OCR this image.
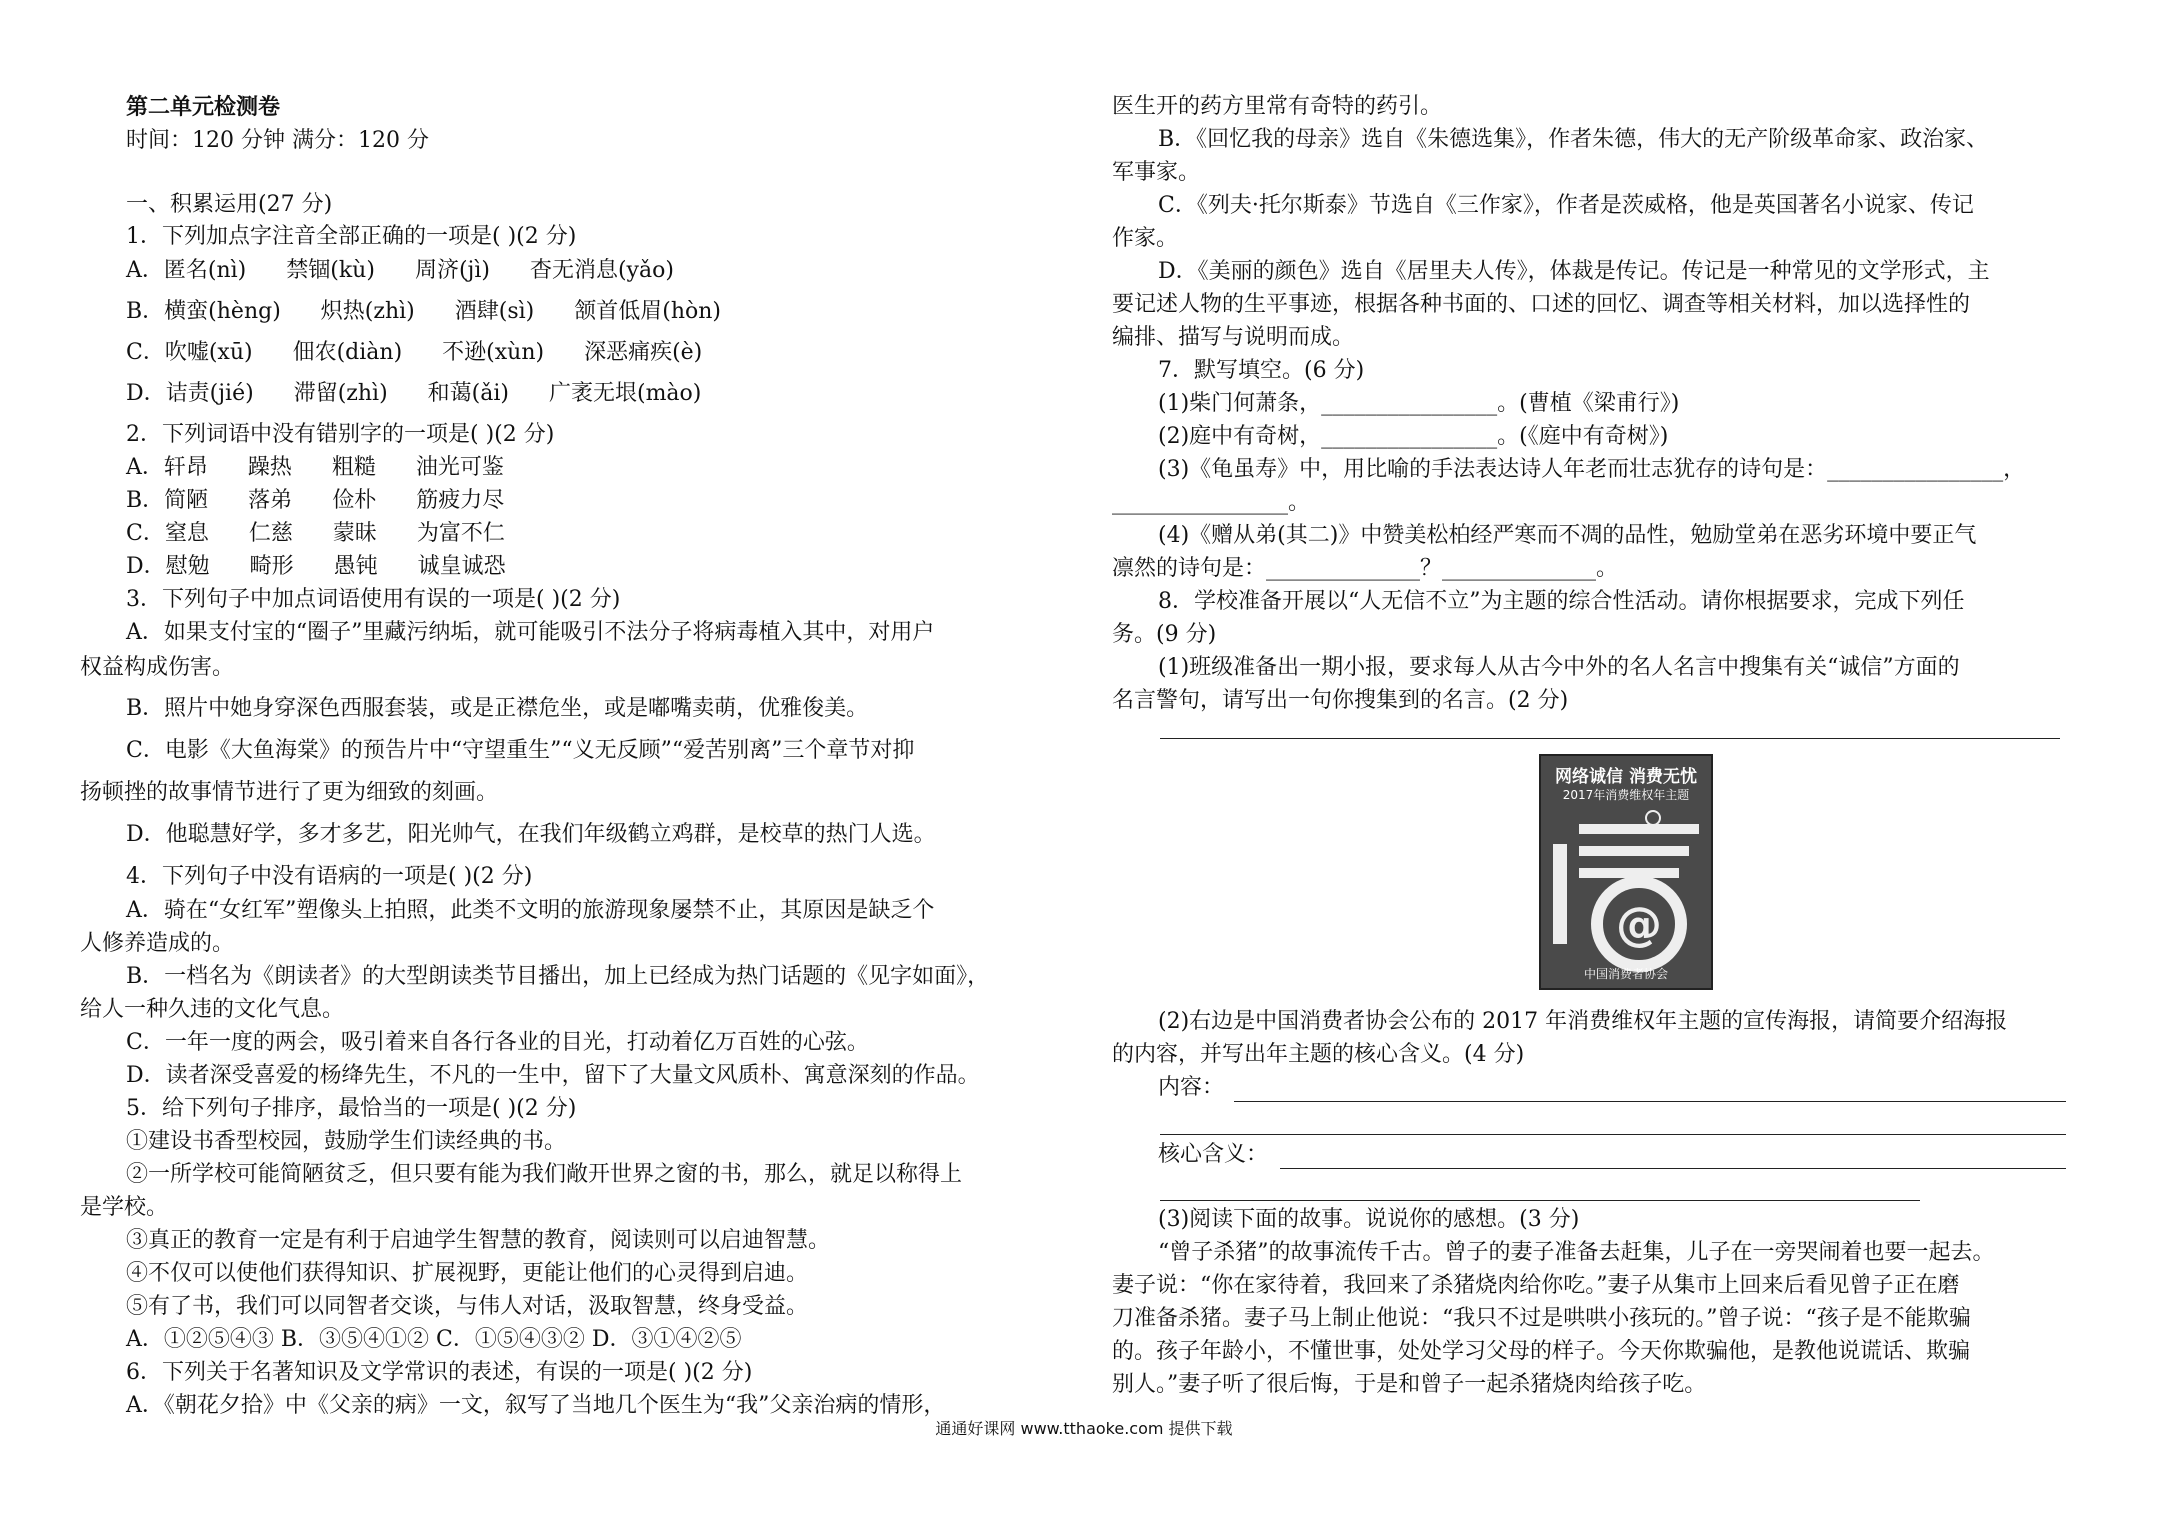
第二单元检测卷
时间：120 分钟 满分：120 分
一、积累运用(27 分)
1．下列加点字注音全部正确的一项是( )(2 分)
A．匿名(nì) 禁锢(kù) 周济(jì) 杳无消息(yǎo)
B．横蛮(hèng) 炽热(zhì) 酒肆(sì) 颔首低眉(hòn)
C．吹嘘(xū) 佃农(diàn) 不逊(xùn) 深恶痛疾(è)
D．诘责(jié) 滞留(zhì) 和蔼(ǎi) 广袤无垠(mào)
2．下列词语中没有错别字的一项是( )(2 分)
A．轩昂 躁热 粗糙 油光可鉴
B．简陋 落弟 俭朴 筋疲力尽
C．窒息 仁慈 蒙昧 为富不仁
D．慰勉 畸形 愚钝 诚皇诚恐
3．下列句子中加点词语使用有误的一项是( )(2 分)
A．如果支付宝的“圈子”里藏污纳垢，就可能吸引不法分子将病毒植入其中，对用户
权益构成伤害。
B．照片中她身穿深色西服套装，或是正襟危坐，或是嘟嘴卖萌，优雅俊美。
C．电影《大鱼海棠》的预告片中“守望重生”“义无反顾”“爱苦别离”三个章节对抑
扬顿挫的故事情节进行了更为细致的刻画。
D．他聪慧好学，多才多艺，阳光帅气，在我们年级鹤立鸡群，是校草的热门人选。
4．下列句子中没有语病的一项是( )(2 分)
A．骑在“女红军”塑像头上拍照，此类不文明的旅游现象屡禁不止，其原因是缺乏个
人修养造成的。
B．一档名为《朗读者》的大型朗读类节目播出，加上已经成为热门话题的《见字如面》，
给人一种久违的文化气息。
C．一年一度的两会，吸引着来自各行各业的目光，打动着亿万百姓的心弦。
D．读者深受喜爱的杨绛先生，不凡的一生中，留下了大量文风质朴、寓意深刻的作品。
5．给下列句子排序，最恰当的一项是( )(2 分)
①建设书香型校园，鼓励学生们读经典的书。
②一所学校可能简陋贫乏，但只要有能为我们敞开世界之窗的书，那么，就足以称得上
是学校。
③真正的教育一定是有利于启迪学生智慧的教育，阅读则可以启迪智慧。
④不仅可以使他们获得知识、扩展视野，更能让他们的心灵得到启迪。
⑤有了书，我们可以同智者交谈，与伟人对话，汲取智慧，终身受益。
A．①②⑤④③ B．③⑤④①② C．①⑤④③② D．③①④②⑤
6．下列关于名著知识及文学常识的表述，有误的一项是( )(2 分)
A．《朝花夕拾》中《父亲的病》一文，叙写了当地几个医生为“我”父亲治病的情形，
医生开的药方里常有奇特的药引。
B．《回忆我的母亲》选自《朱德选集》，作者朱德，伟大的无产阶级革命家、政治家、
军事家。
C．《列夫·托尔斯泰》节选自《三作家》，作者是茨威格，他是英国著名小说家、传记
作家。
D．《美丽的颜色》选自《居里夫人传》，体裁是传记。传记是一种常见的文学形式，主
要记述人物的生平事迹，根据各种书面的、口述的回忆、调查等相关材料，加以选择性的
编排、描写与说明而成。
7．默写填空。(6 分)
(1)柴门何萧条，________________。(曹植《梁甫行》)
(2)庭中有奇树，________________。(《庭中有奇树》)
(3)《龟虽寿》中，用比喻的手法表达诗人年老而壮志犹存的诗句是：________________，
________________。
(4)《赠从弟(其二)》中赞美松柏经严寒而不凋的品性，勉励堂弟在恶劣环境中要正气
凛然的诗句是：______________？______________。
8．学校准备开展以“人无信不立”为主题的综合性活动。请你根据要求，完成下列任
务。(9 分)
(1)班级准备出一期小报，要求每人从古今中外的名人名言中搜集有关“诚信”方面的
名言警句，请写出一句你搜集到的名言。(2 分)
网络诚信 消费无忧
2017年消费维权年主题
@
中国消费者协会
(2)右边是中国消费者协会公布的 2017 年消费维权年主题的宣传海报，请简要介绍海报
的内容，并写出年主题的核心含义。(4 分)
内容：
核心含义：
(3)阅读下面的故事。说说你的感想。(3 分)
“曾子杀猪”的故事流传千古。曾子的妻子准备去赶集，儿子在一旁哭闹着也要一起去。
妻子说：“你在家待着，我回来了杀猪烧肉给你吃。”妻子从集市上回来后看见曾子正在磨
刀准备杀猪。妻子马上制止他说：“我只不过是哄哄小孩玩的。”曾子说：“孩子是不能欺骗
的。孩子年龄小，不懂世事，处处学习父母的样子。今天你欺骗他，是教他说谎话、欺骗
别人。”妻子听了很后悔，于是和曾子一起杀猪烧肉给孩子吃。
通通好课网 www.tthaoke.com 提供下载
